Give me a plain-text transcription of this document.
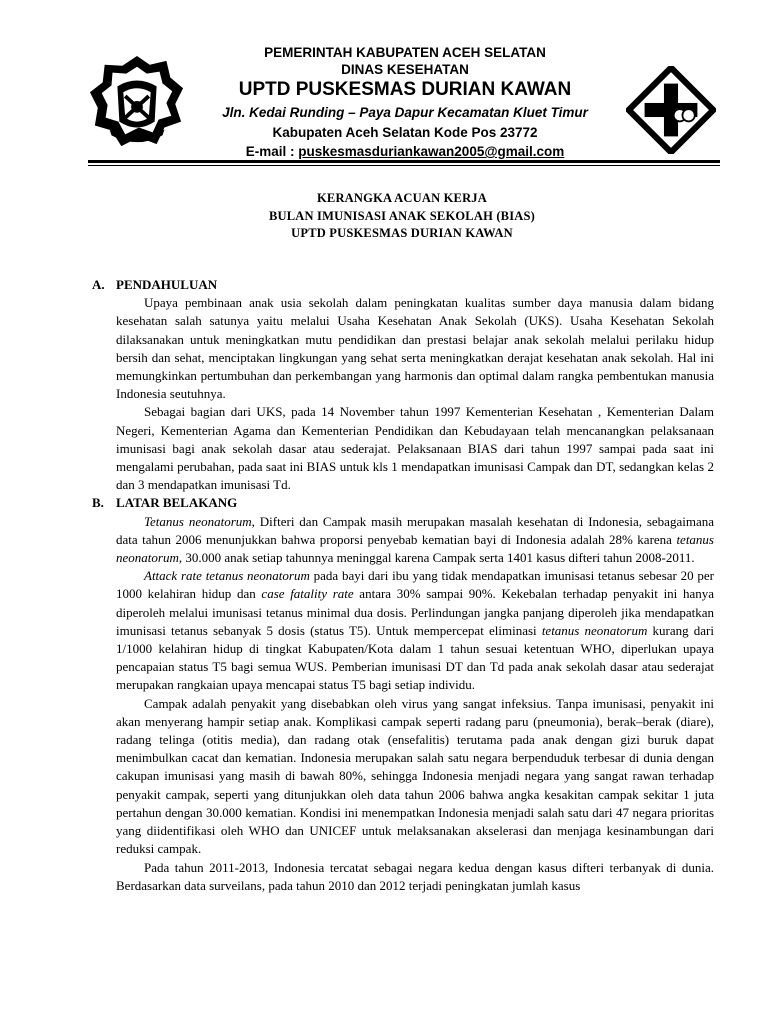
PEMERINTAH KABUPATEN ACEH SELATAN
DINAS KESEHATAN
UPTD PUSKESMAS DURIAN KAWAN
Jln. Kedai Runding – Paya Dapur Kecamatan Kluet Timur
Kabupaten Aceh Selatan Kode Pos 23772
E-mail : puskesmasduriankawan2005@gmail.com
KERANGKA ACUAN KERJA
BULAN IMUNISASI ANAK SEKOLAH (BIAS)
UPTD PUSKESMAS DURIAN KAWAN

A. PENDAHULUAN

Upaya pembinaan anak usia sekolah dalam peningkatan kualitas sumber daya manusia dalam bidang kesehatan salah satunya yaitu melalui Usaha Kesehatan Anak Sekolah (UKS). Usaha Kesehatan Sekolah dilaksanakan untuk meningkatkan mutu pendidikan dan prestasi belajar anak sekolah melalui perilaku hidup bersih dan sehat, menciptakan lingkungan yang sehat serta meningkatkan derajat kesehatan anak sekolah. Hal ini memungkinkan pertumbuhan dan perkembangan yang harmonis dan optimal dalam rangka pembentukan manusia Indonesia seutuhnya.

Sebagai bagian dari UKS, pada 14 November tahun 1997 Kementerian Kesehatan , Kementerian Dalam Negeri, Kementerian Agama dan Kementerian Pendidikan dan Kebudayaan telah mencanangkan pelaksanaan imunisasi bagi anak sekolah dasar atau sederajat. Pelaksanaan BIAS dari tahun 1997 sampai pada saat ini mengalami perubahan, pada saat ini BIAS untuk kls 1 mendapatkan imunisasi Campak dan DT, sedangkan kelas 2 dan 3 mendapatkan imunisasi Td.

B. LATAR BELAKANG

Tetanus neonatorum, Difteri dan Campak masih merupakan masalah kesehatan di Indonesia, sebagaimana data tahun 2006 menunjukkan bahwa proporsi penyebab kematian bayi di Indonesia adalah 28% karena tetanus neonatorum, 30.000 anak setiap tahunnya meninggal karena Campak serta 1401 kasus difteri tahun 2008-2011.

Attack rate tetanus neonatorum pada bayi dari ibu yang tidak mendapatkan imunisasi tetanus sebesar 20 per 1000 kelahiran hidup dan case fatality rate antara 30% sampai 90%. Kekebalan terhadap penyakit ini hanya diperoleh melalui imunisasi tetanus minimal dua dosis. Perlindungan jangka panjang diperoleh jika mendapatkan imunisasi tetanus sebanyak 5 dosis (status T5). Untuk mempercepat eliminasi tetanus neonatorum kurang dari 1/1000 kelahiran hidup di tingkat Kabupaten/Kota dalam 1 tahun sesuai ketentuan WHO, diperlukan upaya pencapaian status T5 bagi semua WUS. Pemberian imunisasi DT dan Td pada anak sekolah dasar atau sederajat merupakan rangkaian upaya mencapai status T5 bagi setiap individu.

Campak adalah penyakit yang disebabkan oleh virus yang sangat infeksius. Tanpa imunisasi, penyakit ini akan menyerang hampir setiap anak. Komplikasi campak seperti radang paru (pneumonia), berak–berak (diare), radang telinga (otitis media), dan radang otak (ensefalitis) terutama pada anak dengan gizi buruk dapat menimbulkan cacat dan kematian. Indonesia merupakan salah satu negara berpenduduk terbesar di dunia dengan cakupan imunisasi yang masih di bawah 80%, sehingga Indonesia menjadi negara yang sangat rawan terhadap penyakit campak, seperti yang ditunjukkan oleh data tahun 2006 bahwa angka kesakitan campak sekitar 1 juta pertahun dengan 30.000 kematian. Kondisi ini menempatkan Indonesia menjadi salah satu dari 47 negara prioritas yang diidentifikasi oleh WHO dan UNICEF untuk melaksanakan akselerasi dan menjaga kesinambungan dari reduksi campak.

Pada tahun 2011-2013, Indonesia tercatat sebagai negara kedua dengan kasus difteri terbanyak di dunia. Berdasarkan data surveilans, pada tahun 2010 dan 2012 terjadi peningkatan jumlah kasus
